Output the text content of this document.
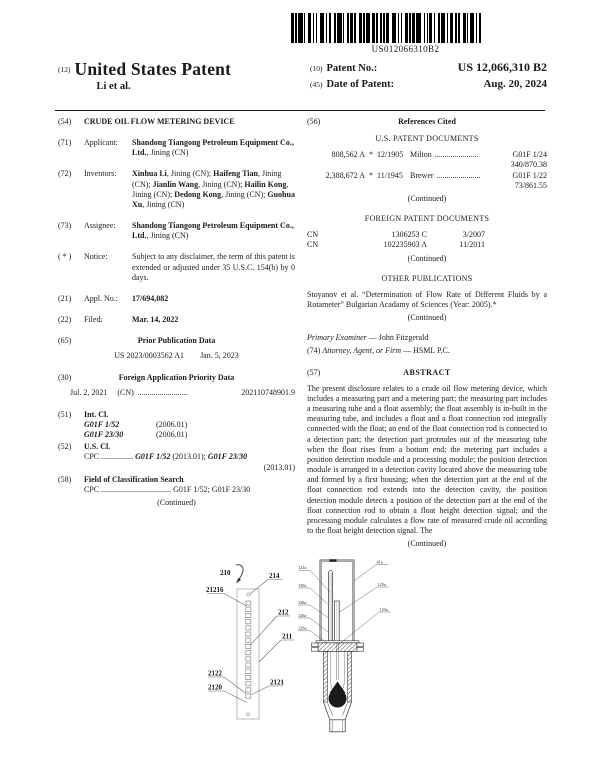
US012066310B2
(12) United States Patent
Li et al.
(10) Patent No.:	US 12,066,310 B2
(45) Date of Patent:	Aug. 20, 2024
(54)	CRUDE OIL FLOW METERING DEVICE
(71)	Applicant:	Shandong Tiangong Petroleum Equipment Co., Ltd., Jining (CN)
(72)	Inventors:	Xinhua Li, Jining (CN); Haifeng Tian, Jining (CN); Jianlin Wang, Jining (CN); Hailin Kong, Jining (CN); Dedong Kong, Jining (CN); Guohua Xu, Jining (CN)
(73)	Assignee:	Shandong Tiangong Petroleum Equipment Co., Ltd., Jining (CN)
( * )	Notice:	Subject to any disclaimer, the term of this patent is extended or adjusted under 35 U.S.C. 154(b) by 0 days.
(21)	Appl. No.:	17/694,082
(22)	Filed:	Mar. 14, 2022
(65)	Prior Publication Data
US 2023/0003562 A1 Jan. 5, 2023
(30)	Foreign Application Priority Data
Jul. 2, 2021 (CN) .........................	202110748901.9
(51)	Int. Cl.
G01F 1/52	(2006.01)
G01F 23/30	(2006.01)
(52)	U.S. Cl.
CPC ................ G01F 1/52 (2013.01); G01F 23/30
(2013.01)
(58)	Field of Classification Search
CPC ................................... G01F 1/52; G01F 23/30
(Continued)
(56)	References Cited
U.S. PATENT DOCUMENTS
808,562 A * 12/1905 Milton ......................	G01F 1/24
340/870.38
2,388,672 A * 11/1945 Brewer ......................	G01F 1/22
73/861.55
(Continued)
FOREIGN PATENT DOCUMENTS
CN	1306253 C	3/2007
CN	102235903 A	11/2011
(Continued)
OTHER PUBLICATIONS
Stoyanov et al. “Determination of Flow Rate of Different Fluids by a Rotameter” Bulgarian Acadamy of Sciences (Year: 2005).*
(Continued)
Primary Examiner — John Fitzgerald
(74) Attorney, Agent, or Firm — HSML P.C.
(57)	ABSTRACT
The present disclosure relates to a crude oil flow metering device, which includes a measuring part and a metering part; the measuring part includes a measuring tube and a float assembly; the float assembly is in-built in the measuring tube, and includes a float and a float connection rod integrally connected with the float; an end of the float connection rod is connected to a detection part; the detection part protrudes out of the measuring tube when the float rises from a bottom end; the metering part includes a position detection module and a processing module; the position detection module is arranged in a detection cavity located above the measuring tube and formed by a first housing; when the detection part at the end of the float connection rod extends into the detection cavity, the position detection module detects a position of the detection part at the end of the float connection rod to obtain a float height detection signal; and the processing module calculates a flow rate of measured crude oil according to the float height detection signal. The
(Continued)
210	214
21216
212
211
2122
2120
2121
121a
130a
128a
126a
129a
41a
125a
123a
